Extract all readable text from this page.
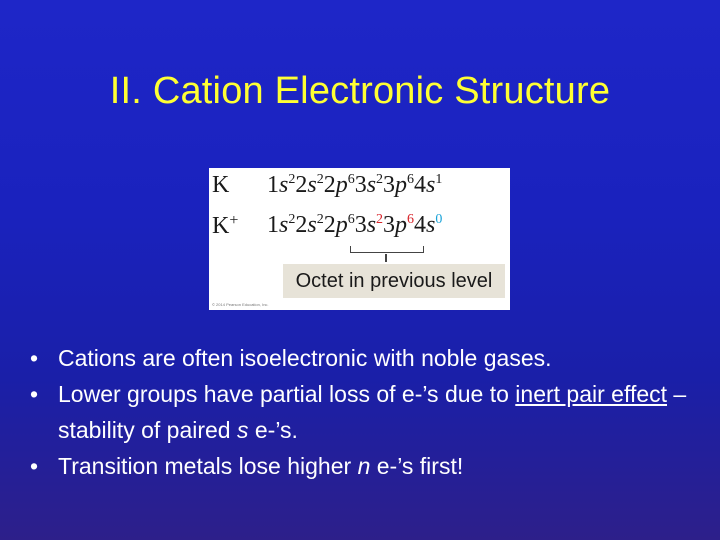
II. Cation Electronic Structure
K $1s^22s^22p^63s^23p^64s^1$
K+ $1s^22s^22p^63s^23p^64s^0$
Octet in previous level
© 2014 Pearson Education, Inc.
• Cations are often isoelectronic with noble gases.
• Lower groups have partial loss of e-’s due to inert pair effect – stability of paired s e-’s.
• Transition metals lose higher n e-’s first!
